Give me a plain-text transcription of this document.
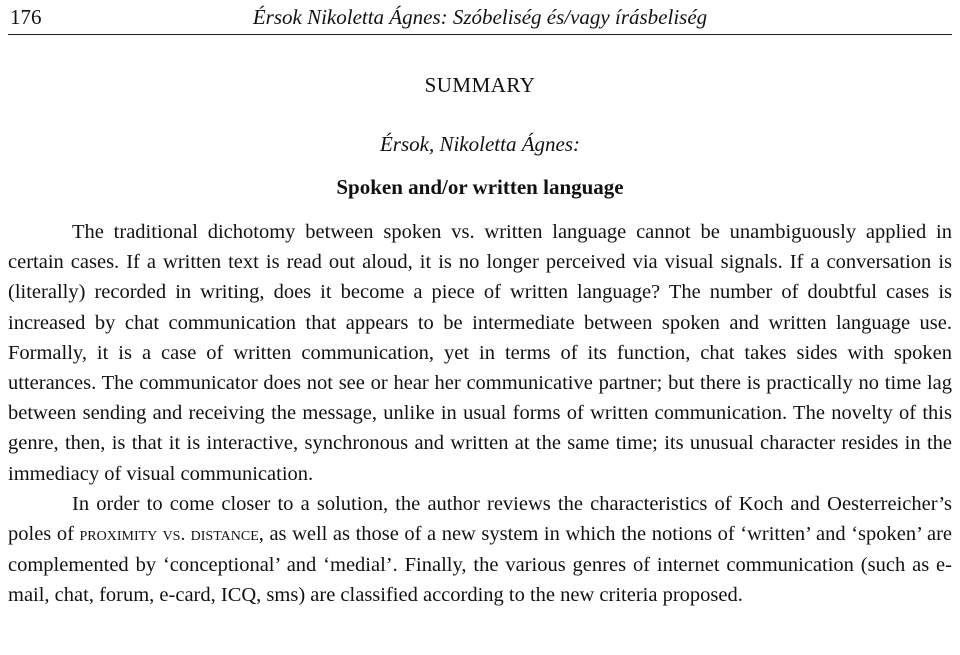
176	Érsok Nikoletta Ágnes: Szóbeliség és/vagy írásbeliség
SUMMARY
Érsok, Nikoletta Ágnes:
Spoken and/or written language

The traditional dichotomy between spoken vs. written language cannot be unambiguously applied in certain cases. If a written text is read out aloud, it is no longer perceived via visual signals. If a conversation is (literally) recorded in writing, does it become a piece of written language? The number of doubtful cases is increased by chat communication that appears to be intermediate between spoken and written language use. Formally, it is a case of written communication, yet in terms of its function, chat takes sides with spoken utterances. The communicator does not see or hear her communicative partner; but there is practically no time lag between sending and receiving the message, unlike in usual forms of written communication. The novelty of this genre, then, is that it is interactive, synchronous and written at the same time; its unusual character resides in the immediacy of visual communication.

In order to come closer to a solution, the author reviews the characteristics of Koch and Oesterreicher’s poles of proximity vs. distance, as well as those of a new system in which the notions of ‘written’ and ‘spoken’ are complemented by ‘conceptional’ and ‘medial’. Finally, the various genres of internet communication (such as e-mail, chat, forum, e-card, ICQ, sms) are classified according to the new criteria proposed.
